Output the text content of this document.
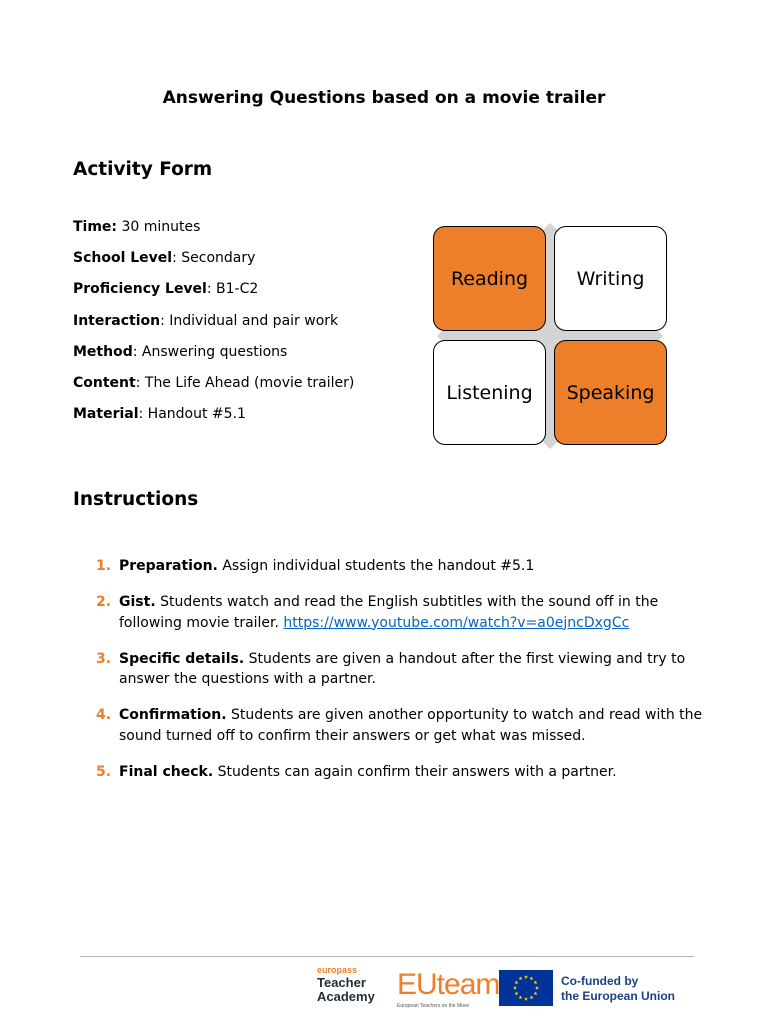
Answering Questions based on a movie trailer
Activity Form
Time: 30 minutes
School Level: Secondary
Proficiency Level: B1-C2
Interaction: Individual and pair work
Method: Answering questions
Content: The Life Ahead (movie trailer)
Material: Handout #5.1
Reading	Writing
Listening	Speaking
Instructions
1. Preparation. Assign individual students the handout #5.1
2. Gist. Students watch and read the English subtitles with the sound off in the following movie trailer. https://www.youtube.com/watch?v=a0ejncDxgCc
3. Specific details. Students are given a handout after the first viewing and try to answer the questions with a partner.
4. Confirmation. Students are given another opportunity to watch and read with the sound turned off to confirm their answers or get what was missed.
5. Final check. Students can again confirm their answers with a partner.
europass
Teacher
Academy EUteam
European Teachers on the Move
Co-funded by
the European Union
